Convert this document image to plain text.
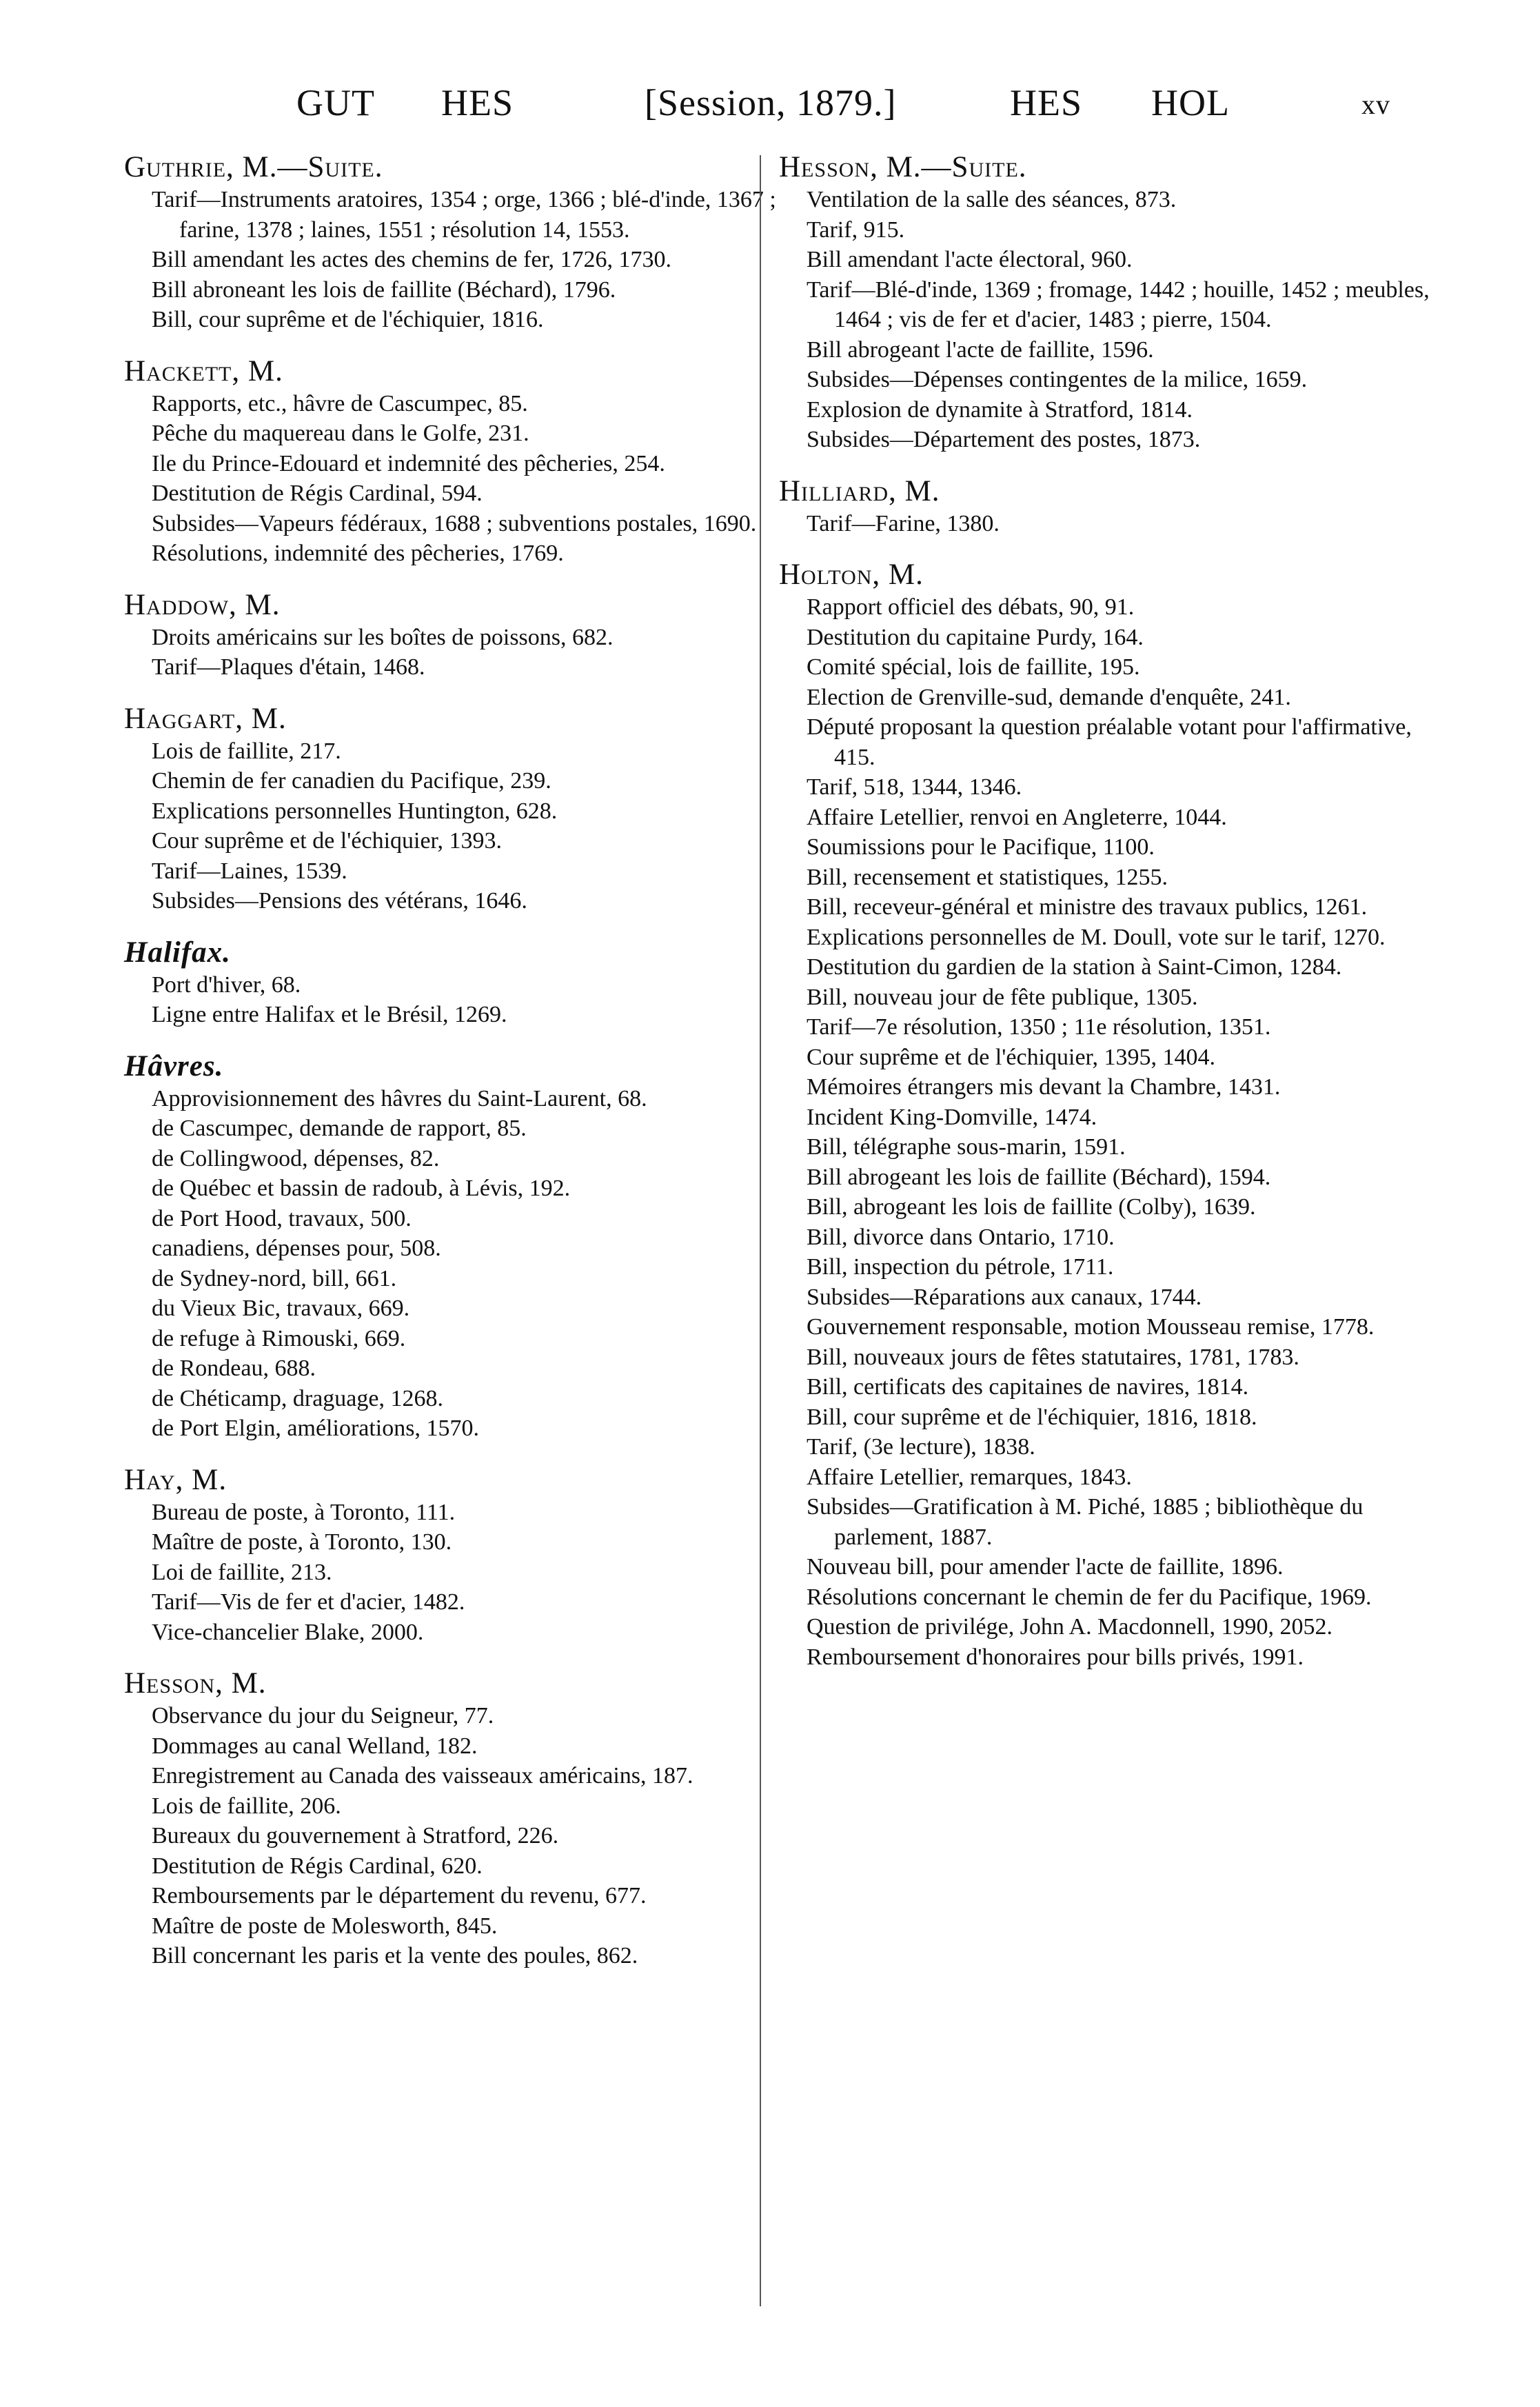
GUT HES	[Session, 1879.]	HES HOL	xv
Guthrie, M.—Suite.
Tarif—Instruments aratoires, 1354 ; orge, 1366 ; blé-d'inde, 1367 ; farine, 1378 ; laines, 1551 ; résolution 14, 1553.
Bill amendant les actes des chemins de fer, 1726, 1730.
Bill abroneant les lois de faillite (Béchard), 1796.
Bill, cour suprême et de l'échiquier, 1816.
Hackett, M.
Rapports, etc., hâvre de Cascumpec, 85.
Pêche du maquereau dans le Golfe, 231.
Ile du Prince-Edouard et indemnité des pêcheries, 254.
Destitution de Régis Cardinal, 594.
Subsides—Vapeurs fédéraux, 1688 ; subventions postales, 1690.
Résolutions, indemnité des pêcheries, 1769.
Haddow, M.
Droits américains sur les boîtes de poissons, 682.
Tarif—Plaques d'étain, 1468.
Haggart, M.
Lois de faillite, 217.
Chemin de fer canadien du Pacifique, 239.
Explications personnelles Huntington, 628.
Cour suprême et de l'échiquier, 1393.
Tarif—Laines, 1539.
Subsides—Pensions des vétérans, 1646.
Halifax.
Port d'hiver, 68.
Ligne entre Halifax et le Brésil, 1269.
Hâvres.
Approvisionnement des hâvres du Saint-Laurent, 68.
de Cascumpec, demande de rapport, 85.
de Collingwood, dépenses, 82.
de Québec et bassin de radoub, à Lévis, 192.
de Port Hood, travaux, 500.
canadiens, dépenses pour, 508.
de Sydney-nord, bill, 661.
du Vieux Bic, travaux, 669.
de refuge à Rimouski, 669.
de Rondeau, 688.
de Chéticamp, draguage, 1268.
de Port Elgin, améliorations, 1570.
Hay, M.
Bureau de poste, à Toronto, 111.
Maître de poste, à Toronto, 130.
Loi de faillite, 213.
Tarif—Vis de fer et d'acier, 1482.
Vice-chancelier Blake, 2000.
Hesson, M.
Observance du jour du Seigneur, 77.
Dommages au canal Welland, 182.
Enregistrement au Canada des vaisseaux américains, 187.
Lois de faillite, 206.
Bureaux du gouvernement à Stratford, 226.
Destitution de Régis Cardinal, 620.
Remboursements par le département du revenu, 677.
Maître de poste de Molesworth, 845.
Bill concernant les paris et la vente des poules, 862.
Hesson, M.—Suite.
Ventilation de la salle des séances, 873.
Tarif, 915.
Bill amendant l'acte électoral, 960.
Tarif—Blé-d'inde, 1369 ; fromage, 1442 ; houille, 1452 ; meubles, 1464 ; vis de fer et d'acier, 1483 ; pierre, 1504.
Bill abrogeant l'acte de faillite, 1596.
Subsides—Dépenses contingentes de la milice, 1659.
Explosion de dynamite à Stratford, 1814.
Subsides—Département des postes, 1873.
Hilliard, M.
Tarif—Farine, 1380.
Holton, M.
Rapport officiel des débats, 90, 91.
Destitution du capitaine Purdy, 164.
Comité spécial, lois de faillite, 195.
Election de Grenville-sud, demande d'enquête, 241.
Député proposant la question préalable votant pour l'affirmative, 415.
Tarif, 518, 1344, 1346.
Affaire Letellier, renvoi en Angleterre, 1044.
Soumissions pour le Pacifique, 1100.
Bill, recensement et statistiques, 1255.
Bill, receveur-général et ministre des travaux publics, 1261.
Explications personnelles de M. Doull, vote sur le tarif, 1270.
Destitution du gardien de la station à Saint-Cimon, 1284.
Bill, nouveau jour de fête publique, 1305.
Tarif—7e résolution, 1350 ; 11e résolution, 1351.
Cour suprême et de l'échiquier, 1395, 1404.
Mémoires étrangers mis devant la Chambre, 1431.
Incident King-Domville, 1474.
Bill, télégraphe sous-marin, 1591.
Bill abrogeant les lois de faillite (Béchard), 1594.
Bill, abrogeant les lois de faillite (Colby), 1639.
Bill, divorce dans Ontario, 1710.
Bill, inspection du pétrole, 1711.
Subsides—Réparations aux canaux, 1744.
Gouvernement responsable, motion Mousseau remise, 1778.
Bill, nouveaux jours de fêtes statutaires, 1781, 1783.
Bill, certificats des capitaines de navires, 1814.
Bill, cour suprême et de l'échiquier, 1816, 1818.
Tarif, (3e lecture), 1838.
Affaire Letellier, remarques, 1843.
Subsides—Gratification à M. Piché, 1885 ; bibliothèque du parlement, 1887.
Nouveau bill, pour amender l'acte de faillite, 1896.
Résolutions concernant le chemin de fer du Pacifique, 1969.
Question de privilége, John A. Macdonnell, 1990, 2052.
Remboursement d'honoraires pour bills privés, 1991.
